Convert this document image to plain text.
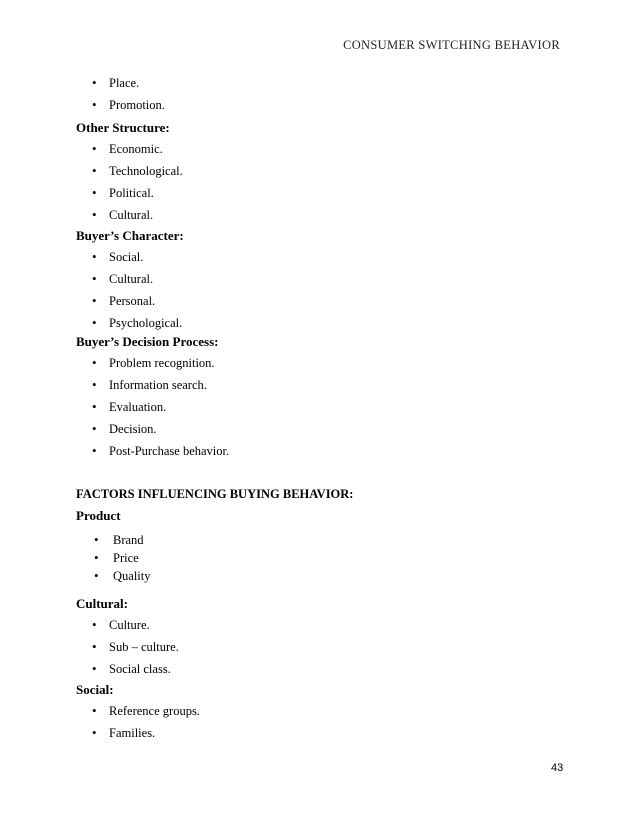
CONSUMER SWITCHING BEHAVIOR
• Place.
• Promotion.
Other Structure:
• Economic.
• Technological.
• Political.
• Cultural.
Buyer’s Character:
• Social.
• Cultural.
• Personal.
• Psychological.
Buyer’s Decision Process:
• Problem recognition.
• Information search.
• Evaluation.
• Decision.
• Post-Purchase behavior.
FACTORS INFLUENCING BUYING BEHAVIOR:
Product
• Brand
• Price
• Quality
Cultural:
• Culture.
• Sub – culture.
• Social class.
Social:
• Reference groups.
• Families.
43
